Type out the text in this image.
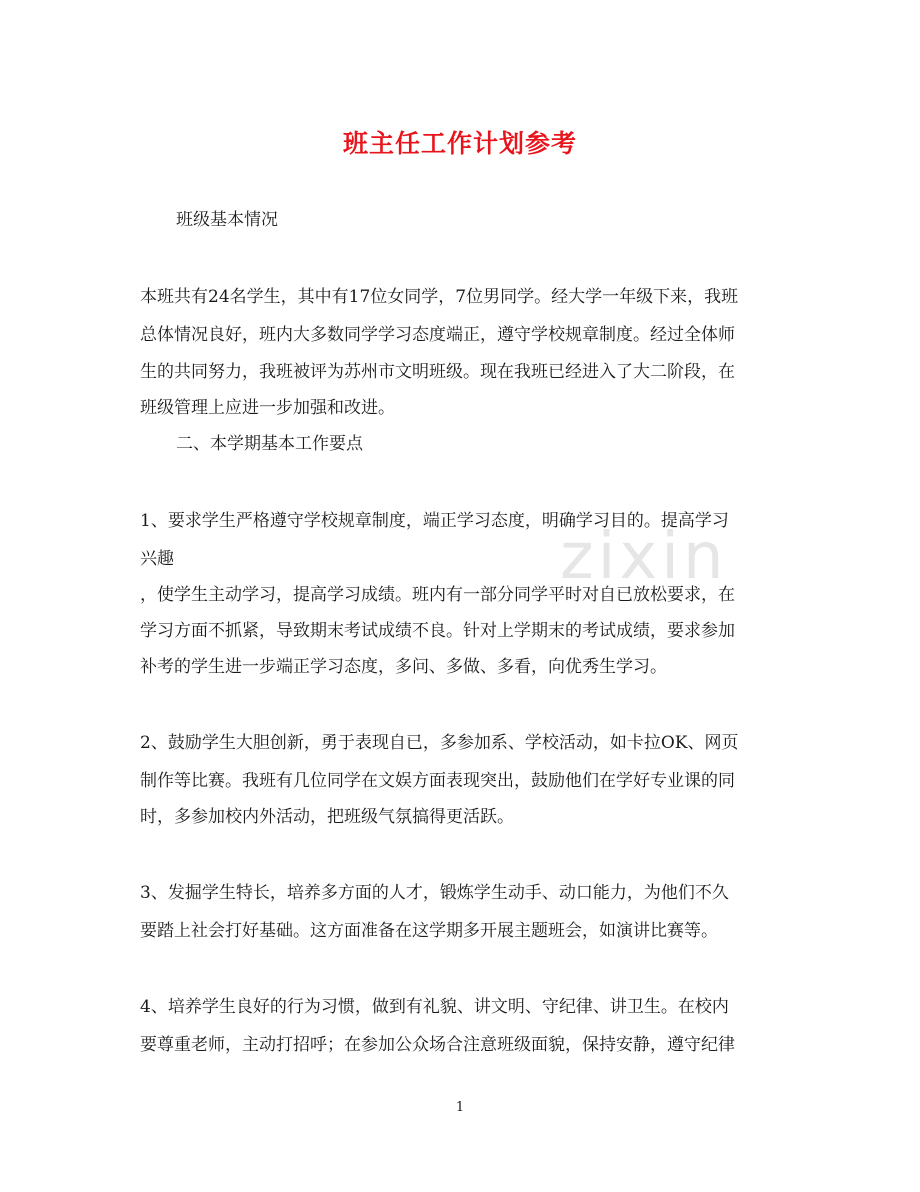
班主任工作计划参考
zixin
班级基本情况
本班共有24名学生，其中有17位女同学，7位男同学。经大学一年级下来，我班
总体情况良好，班内大多数同学学习态度端正，遵守学校规章制度。经过全体师
生的共同努力，我班被评为苏州市文明班级。现在我班已经进入了大二阶段，在
班级管理上应进一步加强和改进。
二、本学期基本工作要点
1、要求学生严格遵守学校规章制度，端正学习态度，明确学习目的。提高学习
兴趣
，使学生主动学习，提高学习成绩。班内有一部分同学平时对自已放松要求，在
学习方面不抓紧，导致期末考试成绩不良。针对上学期末的考试成绩，要求参加
补考的学生进一步端正学习态度，多问、多做、多看，向优秀生学习。
2、鼓励学生大胆创新，勇于表现自已，多参加系、学校活动，如卡拉OK、网页
制作等比赛。我班有几位同学在文娱方面表现突出，鼓励他们在学好专业课的同
时，多参加校内外活动，把班级气氛搞得更活跃。
3、发掘学生特长，培养多方面的人才，锻炼学生动手、动口能力，为他们不久
要踏上社会打好基础。这方面准备在这学期多开展主题班会，如演讲比赛等。
4、培养学生良好的行为习惯，做到有礼貌、讲文明、守纪律、讲卫生。在校内
要尊重老师，主动打招呼；在参加公众场合注意班级面貌，保持安静，遵守纪律
1
